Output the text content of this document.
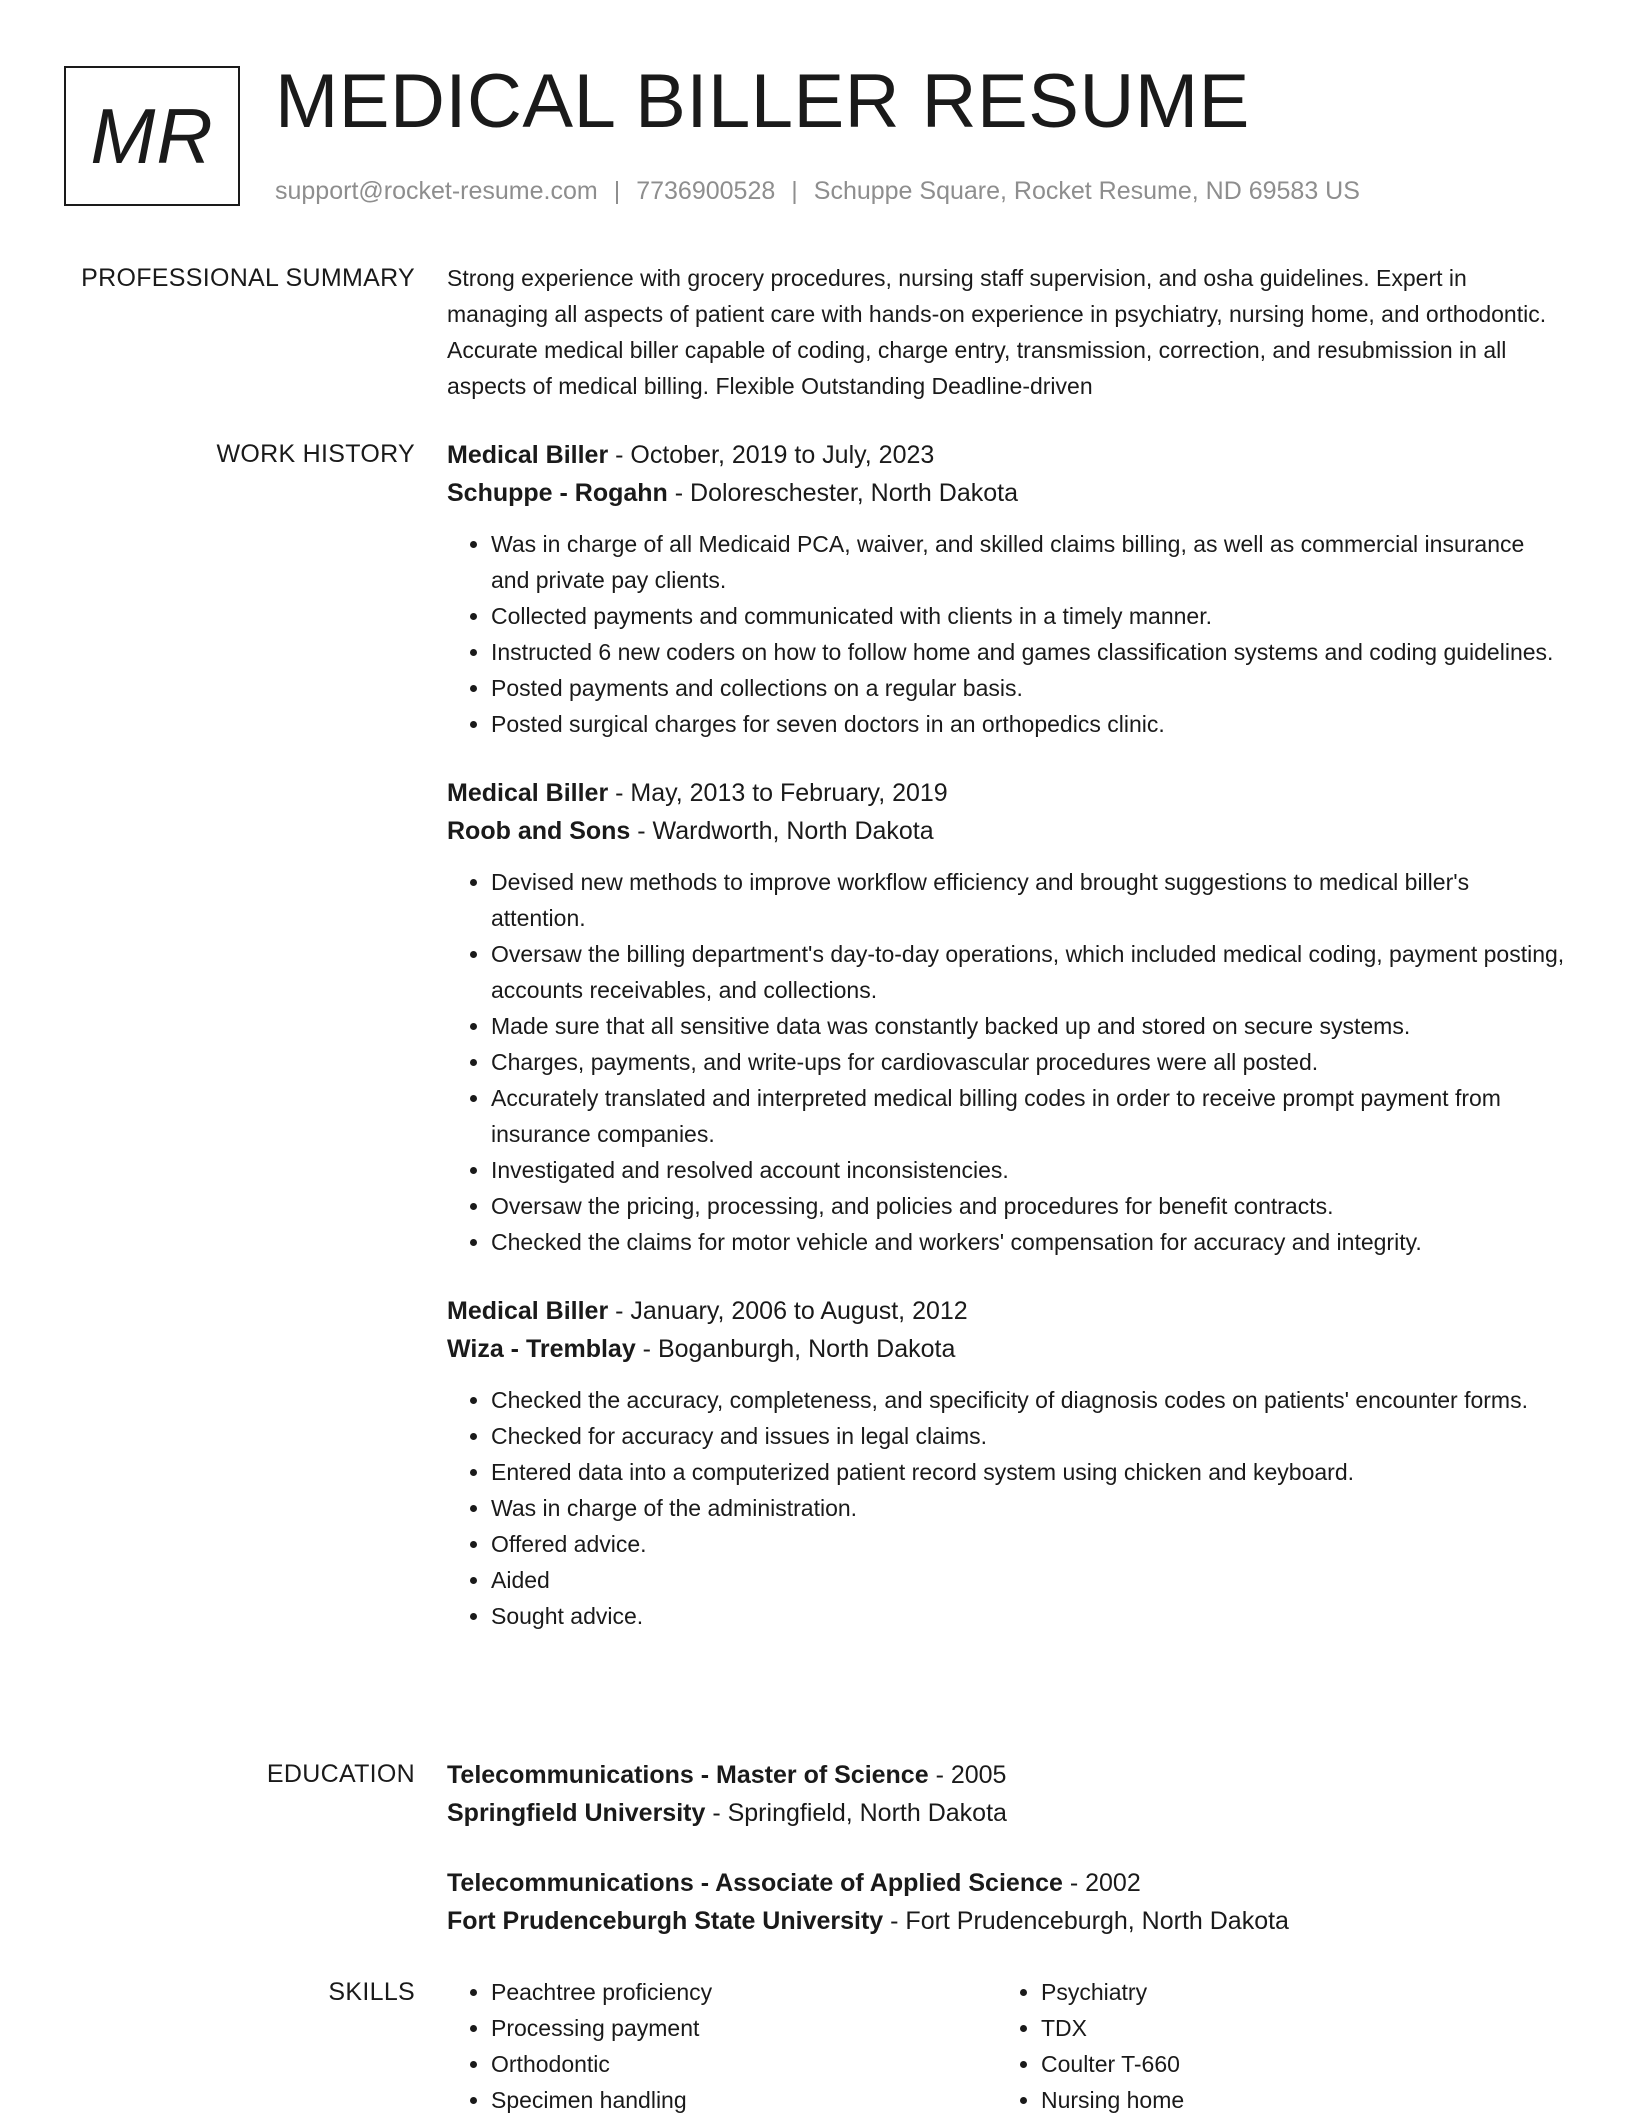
MR MEDICAL BILLER RESUME
support@rocket-resume.com | 7736900528 | Schuppe Square, Rocket Resume, ND 69583 US
PROFESSIONAL SUMMARY Strong experience with grocery procedures, nursing staff supervision, and osha guidelines. Expert in managing all aspects of patient care with hands-on experience in psychiatry, nursing home, and orthodontic. Accurate medical biller capable of coding, charge entry, transmission, correction, and resubmission in all aspects of medical billing. Flexible Outstanding Deadline-driven

WORK HISTORY Medical Biller - October, 2019 to July, 2023
Schuppe - Rogahn - Doloreschester, North Dakota
• Was in charge of all Medicaid PCA, waiver, and skilled claims billing, as well as commercial insurance and private pay clients.
• Collected payments and communicated with clients in a timely manner.
• Instructed 6 new coders on how to follow home and games classification systems and coding guidelines.
• Posted payments and collections on a regular basis.
• Posted surgical charges for seven doctors in an orthopedics clinic.
Medical Biller - May, 2013 to February, 2019
Roob and Sons - Wardworth, North Dakota
• Devised new methods to improve workflow efficiency and brought suggestions to medical biller's attention.
• Oversaw the billing department's day-to-day operations, which included medical coding, payment posting, accounts receivables, and collections.
• Made sure that all sensitive data was constantly backed up and stored on secure systems.
• Charges, payments, and write-ups for cardiovascular procedures were all posted.
• Accurately translated and interpreted medical billing codes in order to receive prompt payment from insurance companies.
• Investigated and resolved account inconsistencies.
• Oversaw the pricing, processing, and policies and procedures for benefit contracts.
• Checked the claims for motor vehicle and workers' compensation for accuracy and integrity.
Medical Biller - January, 2006 to August, 2012
Wiza - Tremblay - Boganburgh, North Dakota
• Checked the accuracy, completeness, and specificity of diagnosis codes on patients' encounter forms.
• Checked for accuracy and issues in legal claims.
• Entered data into a computerized patient record system using chicken and keyboard.
• Was in charge of the administration.
• Offered advice.
• Aided
• Sought advice.
EDUCATION Telecommunications - Master of Science - 2005
Springfield University - Springfield, North Dakota
Telecommunications - Associate of Applied Science - 2002
Fort Prudenceburgh State University - Fort Prudenceburgh, North Dakota
SKILLS
•	Peachtree proficiency
• Processing payment
• Orthodontic
• Specimen handling
• Psychiatry
• TDX
• Coulter T-660
• Nursing home
